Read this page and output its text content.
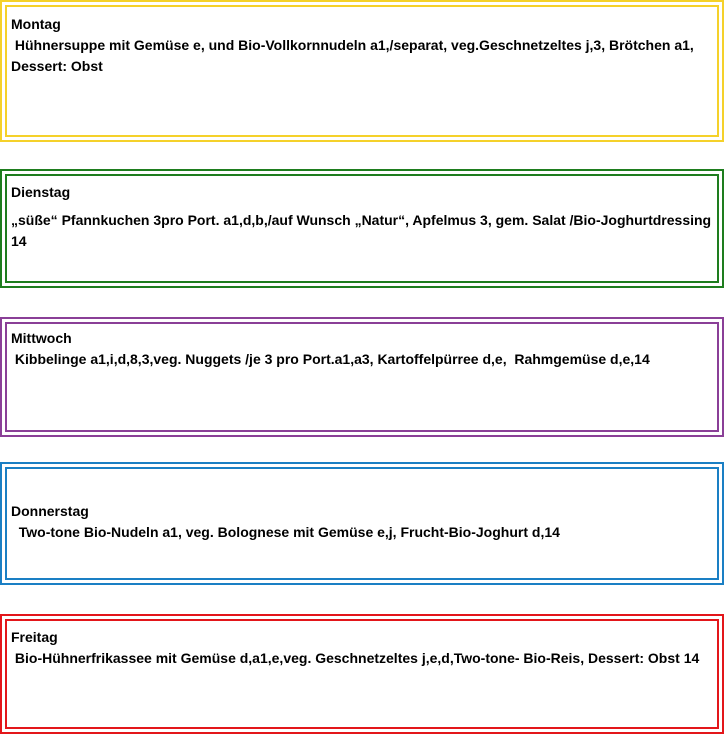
Montag
Hühnersuppe mit Gemüse e, und Bio-Vollkornnudeln a1,/separat, veg.Geschnetzeltes j,3, Brötchen a1, Dessert: Obst
Dienstag
„süße“ Pfannkuchen 3pro Port. a1,d,b,/auf Wunsch „Natur“, Apfelmus 3, gem. Salat /Bio-Joghurtdressing 14
Mittwoch
Kibbelinge a1,i,d,8,3,veg. Nuggets /je 3 pro Port.a1,a3, Kartoffelpürree d,e,  Rahmgemüse d,e,14
Donnerstag
Two-tone Bio-Nudeln a1, veg. Bolognese mit Gemüse e,j, Frucht-Bio-Joghurt d,14
Freitag
Bio-Hühnerfrikassee mit Gemüse d,a1,e,veg. Geschnetzeltes j,e,d,Two-tone- Bio-Reis, Dessert: Obst 14
